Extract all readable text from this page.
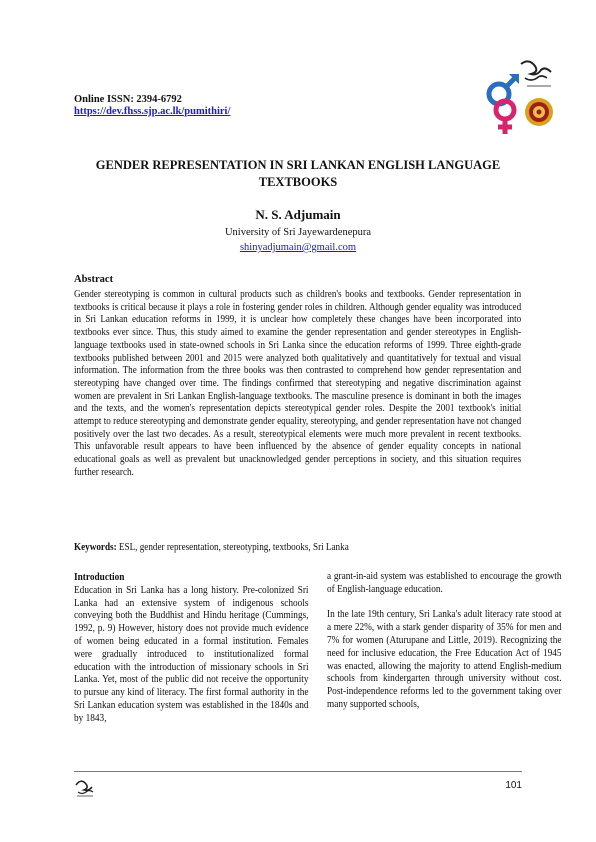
Online ISSN: 2394-6792
https://dev.fhss.sjp.ac.lk/pumithiri/
GENDER REPRESENTATION IN SRI LANKAN ENGLISH LANGUAGE TEXTBOOKS
N. S. Adjumain
University of Sri Jayewardenepura
shinyadjumain@gmail.com
Abstract
Gender stereotyping is common in cultural products such as children's books and textbooks. Gender representation in textbooks is critical because it plays a role in fostering gender roles in children. Although gender equality was introduced in Sri Lankan education reforms in 1999, it is unclear how completely these changes have been incorporated into textbooks ever since. Thus, this study aimed to examine the gender representation and gender stereotypes in English-language textbooks used in state-owned schools in Sri Lanka since the education reforms of 1999. Three eighth-grade textbooks published between 2001 and 2015 were analyzed both qualitatively and quantitatively for textual and visual information. The information from the three books was then contrasted to comprehend how gender representation and stereotyping have changed over time. The findings confirmed that stereotyping and negative discrimination against women are prevalent in Sri Lankan English-language textbooks. The masculine presence is dominant in both the images and the texts, and the women's representation depicts stereotypical gender roles. Despite the 2001 textbook's initial attempt to reduce stereotyping and demonstrate gender equality, stereotyping, and gender representation have not changed positively over the last two decades. As a result, stereotypical elements were much more prevalent in recent textbooks. This unfavorable result appears to have been influenced by the absence of gender equality concepts in national educational goals as well as prevalent but unacknowledged gender perceptions in society, and this situation requires further research.
Keywords: ESL, gender representation, stereotyping, textbooks, Sri Lanka
Introduction

Education in Sri Lanka has a long history. Pre-colonized Sri Lanka had an extensive system of indigenous schools conveying both the Buddhist and Hindu heritage (Cummings, 1992, p. 9) However, history does not provide much evidence of women being educated in a formal institution. Females were gradually introduced to institutionalized formal education with the introduction of missionary schools in Sri Lanka. Yet, most of the public did not receive the opportunity to pursue any kind of literacy. The first formal authority in the Sri Lankan education system was established in the 1840s and by 1843,

a grant-in-aid system was established to encourage the growth of English-language education.

In the late 19th century, Sri Lanka's adult literacy rate stood at a mere 22%, with a stark gender disparity of 35% for men and 7% for women (Aturupane and Little, 2019). Recognizing the need for inclusive education, the Free Education Act of 1945 was enacted, allowing the majority to attend English-medium schools from kindergarten through university without cost. Post-independence reforms led to the government taking over many supported schools,

101
